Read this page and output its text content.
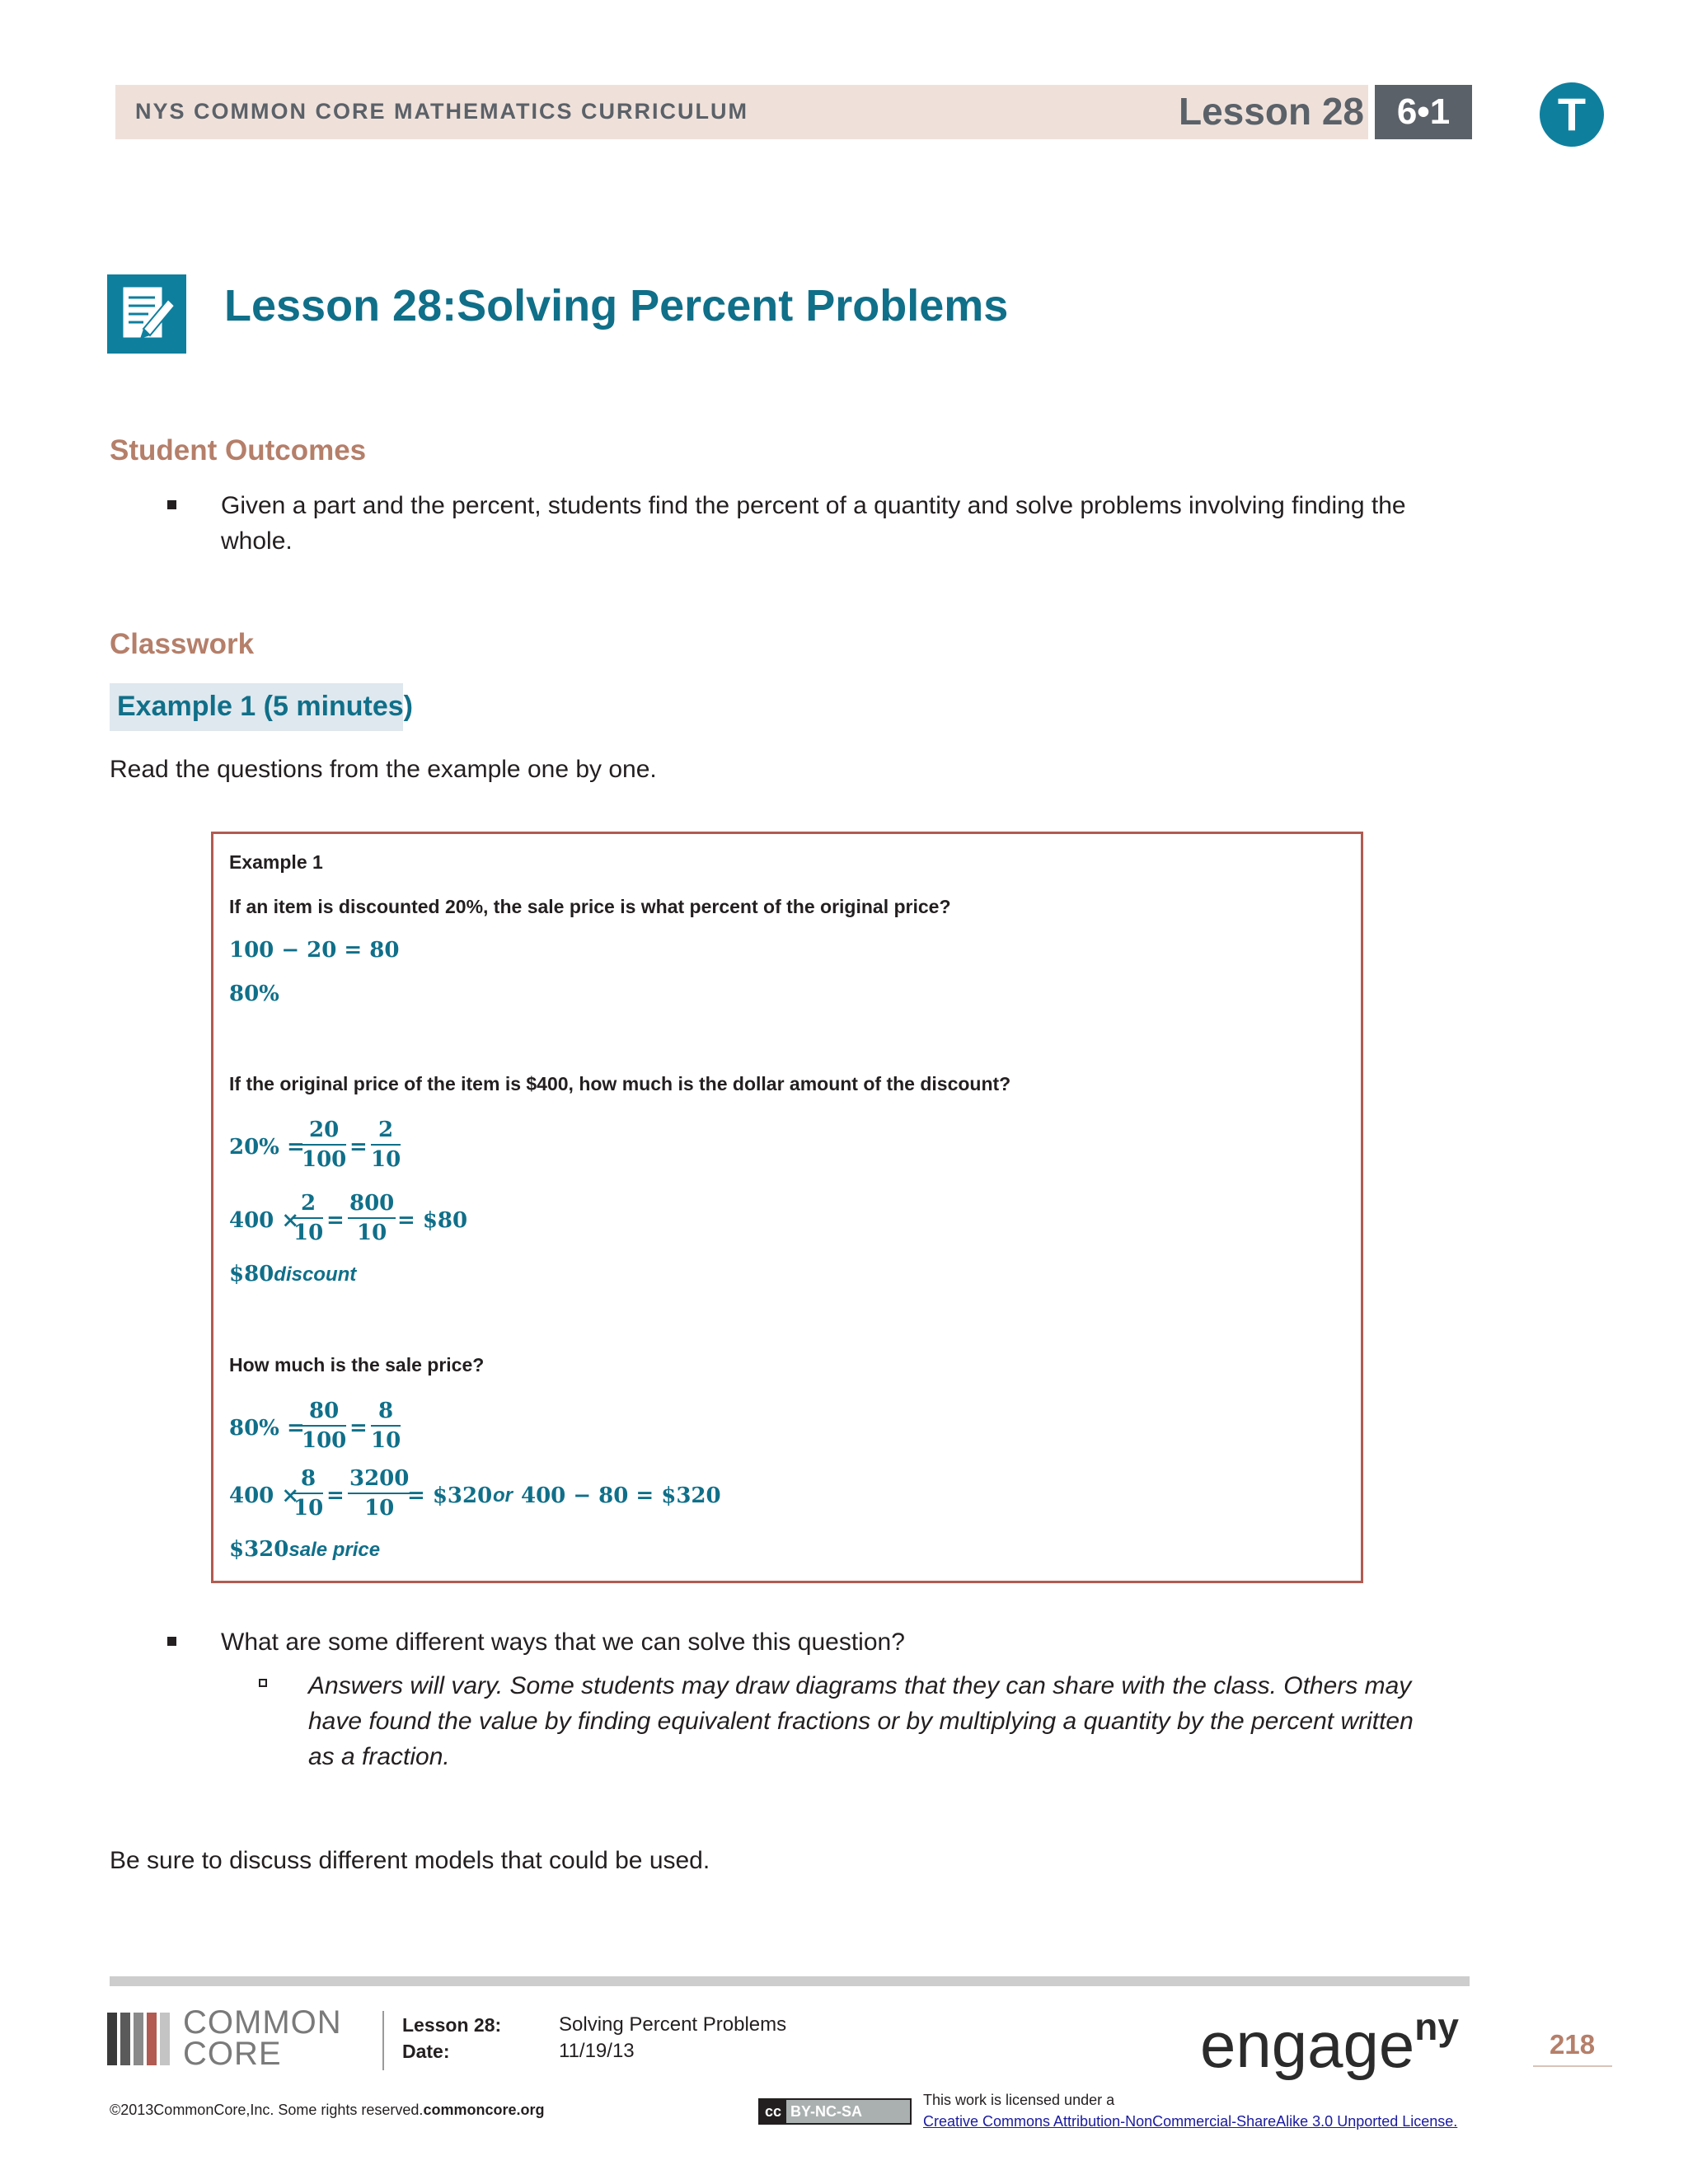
NYS COMMON CORE MATHEMATICS CURRICULUM	Lesson 28 6•1	T
Lesson 28:Solving Percent Problems
Student Outcomes
Given a part and the percent, students find the percent of a quantity and solve problems involving finding the
whole.
Classwork
Example 1 (5 minutes)
Read the questions from the example one by one.
Example 1
If an item is discounted 20%, the sale price is what percent of the original price?
100 − 20 = 80
80%
If the original price of the item is $400, how much is the dollar amount of the discount?
20% =
$\frac{20}{100} = \frac{2}{10}$
400 ×
$\frac{2}{10} = \frac{800}{10}$ = $80
$80discount
How much is the sale price?
80% =
$\frac{80}{100} = \frac{8}{10}$
400 ×
$\frac{8}{10} = \frac{3200}{10}$
= $320 or 400 − 80 = $320
$320sale price
What are some different ways that we can solve this question?
Answers will vary. Some students may draw diagrams that they can share with the class. Others may
have found the value by finding equivalent fractions or by multiplying a quantity by the percent written
as a fraction.
Be sure to discuss different models that could be used.
COMMON
CORE
Lesson 28:	Solving Percent Problems
Date:	11/19/13	engage$^{ny}$	218
©2013CommonCore,Inc. Some rights reserved.commoncore.org	cc BY-NC-SA
This work is licensed under a
Creative Commons Attribution-NonCommercial-ShareAlike 3.0 Unported License.
